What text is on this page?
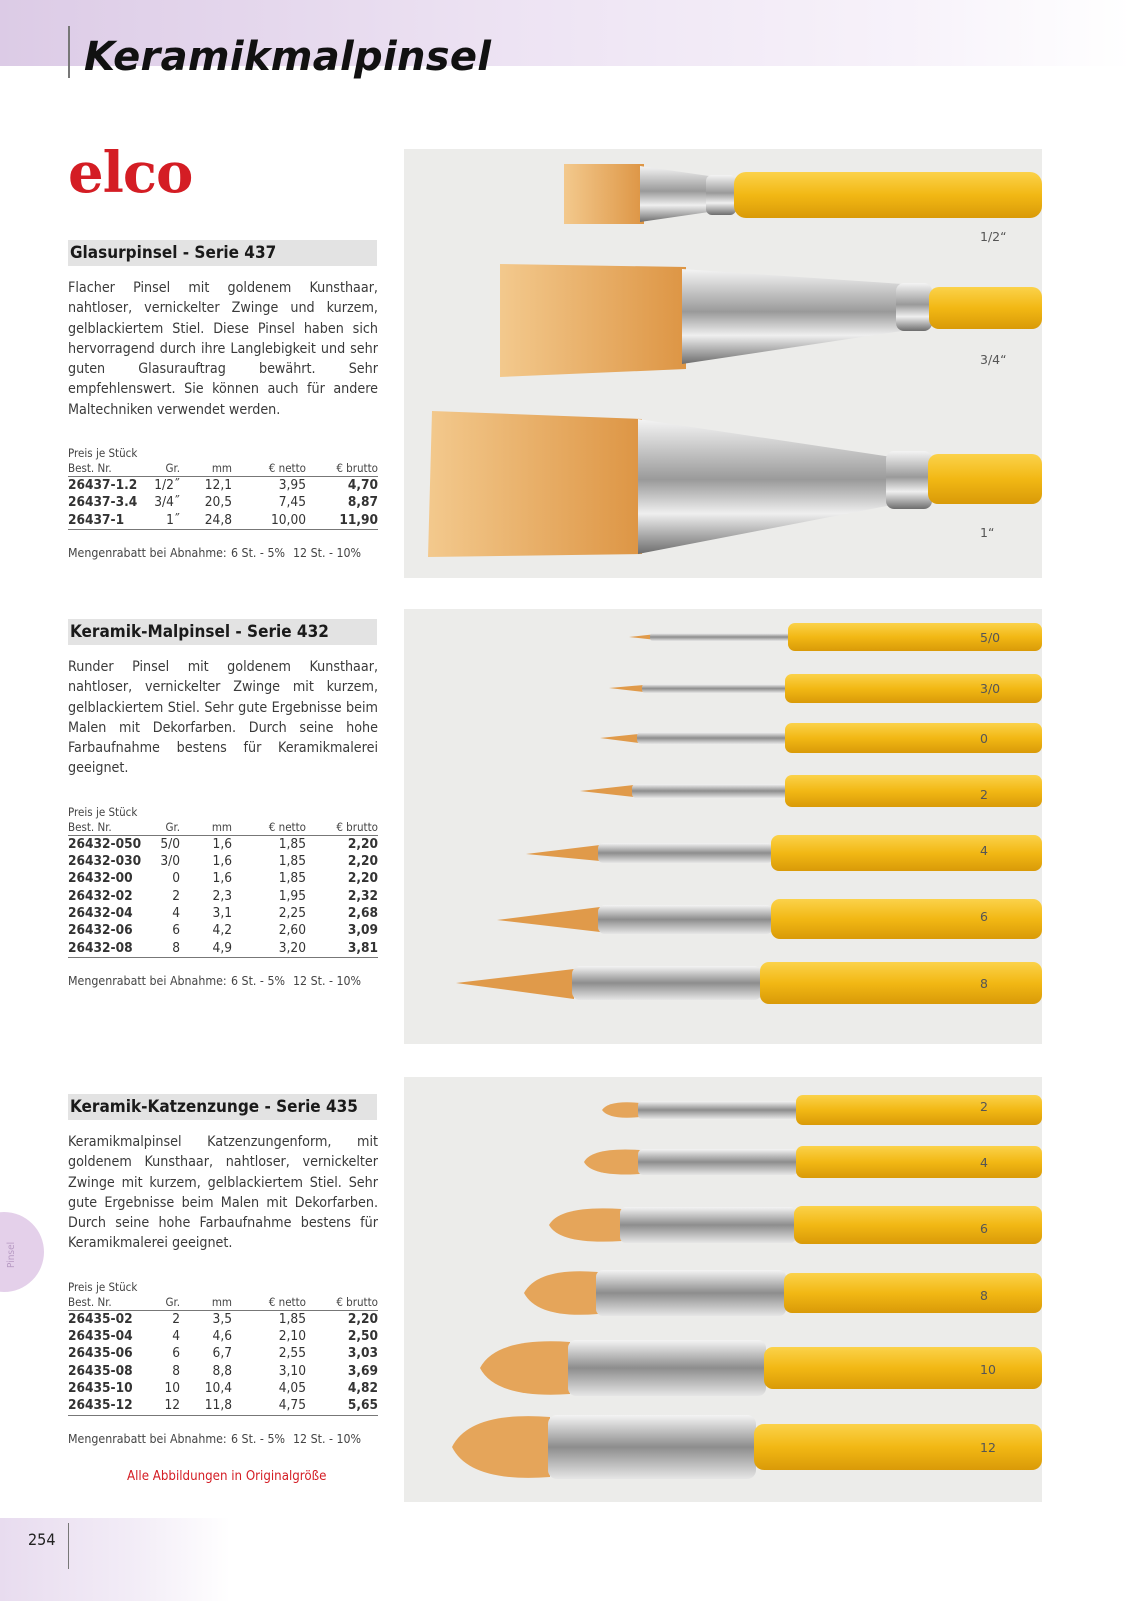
Keramikmalpinsel
elco
Glasurpinsel - Serie 437

Flacher Pinsel mit goldenem Kunsthaar, nahtloser, vernickelter Zwinge und kurzem, gelblackiertem Stiel. Diese Pinsel haben sich hervorragend durch ihre Langlebigkeit und sehr guten Glasurauftrag bewährt. Sehr empfehlenswert. Sie können auch für andere Maltechniken verwendet werden.

Preis je Stück
Best. Nr.	Gr.	mm	€ netto	€ brutto
26437-1.2	1/2˝	12,1	3,95	4,70
26437-3.4	3/4˝	20,5	7,45	8,87
26437-1	1˝	24,8	10,00	11,90
Mengenrabatt bei Abnahme: 6 St. - 5% 12 St. - 10%
Keramik-Malpinsel - Serie 432

Runder Pinsel mit goldenem Kunsthaar, nahtloser, vernickelter Zwinge mit kurzem, gelblackiertem Stiel. Sehr gute Ergebnisse beim Malen mit Dekorfarben. Durch seine hohe Farbaufnahme bestens für Keramikmalerei geeignet.

Preis je Stück
Best. Nr.	Gr.	mm	€ netto	€ brutto
26432-050	5/0	1,6	1,85	2,20
26432-030	3/0	1,6	1,85	2,20
26432-00	0	1,6	1,85	2,20
26432-02	2	2,3	1,95	2,32
26432-04	4	3,1	2,25	2,68
26432-06	6	4,2	2,60	3,09
26432-08	8	4,9	3,20	3,81
Mengenrabatt bei Abnahme: 6 St. - 5% 12 St. - 10%
Keramik-Katzenzunge - Serie 435

Keramikmalpinsel Katzenzungenform, mit goldenem Kunsthaar, nahtloser, vernickelter Zwinge mit kurzem, gelblackiertem Stiel. Sehr gute Ergebnisse beim Malen mit Dekorfarben. Durch seine hohe Farbaufnahme bestens für Keramikmalerei geeignet.

Preis je Stück
Best. Nr.	Gr.	mm	€ netto	€ brutto
26435-02	2	3,5	1,85	2,20
26435-04	4	4,6	2,10	2,50
26435-06	6	6,7	2,55	3,03
26435-08	8	8,8	3,10	3,69
26435-10	10	10,4	4,05	4,82
26435-12	12	11,8	4,75	5,65
Mengenrabatt bei Abnahme: 6 St. - 5% 12 St. - 10%
1/2“
3/4“
1“
5/0
3/0
0
2
4
6
8
2
4
6
8
10
12
Alle Abbildungen in Originalgröße
Pinsel
254
